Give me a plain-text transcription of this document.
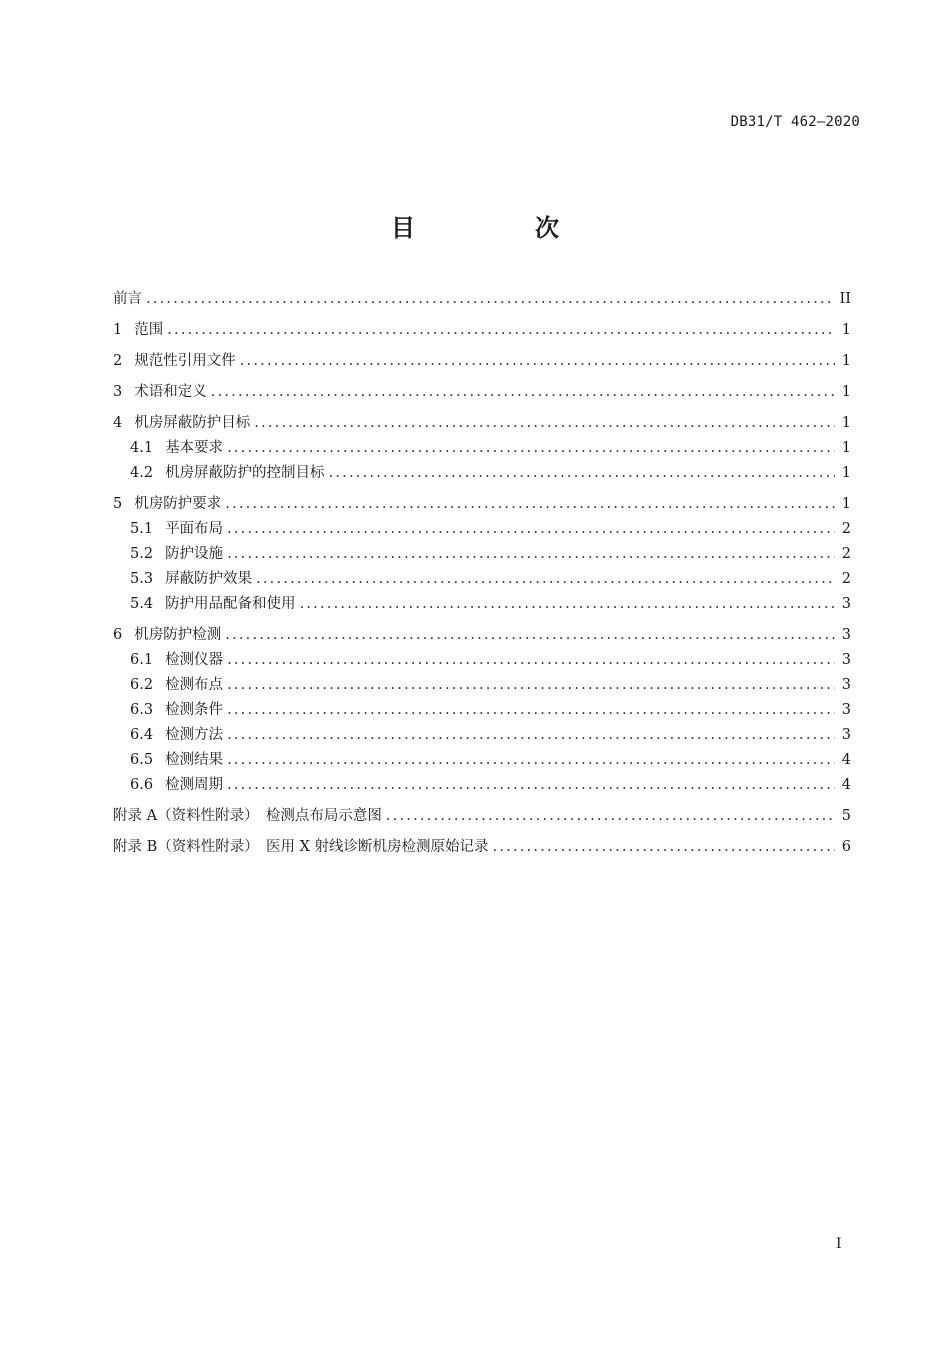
DB31/T 462—2020
目　次
前言 .....	II
1 范围 .....	1
2 规范性引用文件 .....	1
3 术语和定义 .....	1
4 机房屏蔽防护目标 .....	1
4.1 基本要求 .....	1
4.2 机房屏蔽防护的控制目标 .....	1
5 机房防护要求 .....	1
5.1 平面布局 .....	2
5.2 防护设施 .....	2
5.3 屏蔽防护效果 .....	2
5.4 防护用品配备和使用 .....	3
6 机房防护检测 .....	3
6.1 检测仪器 .....	3
6.2 检测布点 .....	3
6.3 检测条件 .....	3
6.4 检测方法 .....	3
6.5 检测结果 .....	4
6.6 检测周期 .....	4
附录 A（资料性附录）　检测点布局示意图 .....	5
附录 B（资料性附录）　医用 X 射线诊断机房检测原始记录 .....	6
I
